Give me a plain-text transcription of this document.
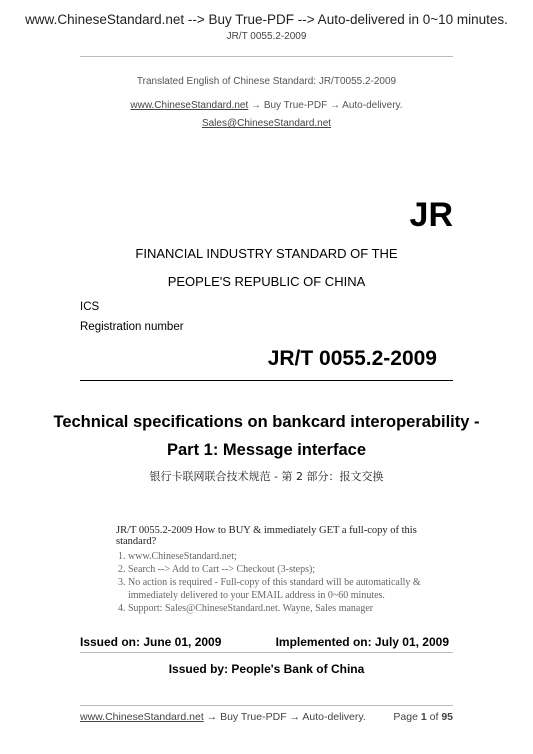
www.ChineseStandard.net --> Buy True-PDF --> Auto-delivered in 0~10 minutes.
JR/T 0055.2-2009
Translated English of Chinese Standard: JR/T0055.2-2009
www.ChineseStandard.net → Buy True-PDF → Auto-delivery.
Sales@ChineseStandard.net
JR
FINANCIAL INDUSTRY STANDARD OF THE
PEOPLE'S REPUBLIC OF CHINA
ICS
Registration number
JR/T 0055.2-2009
Technical specifications on bankcard interoperability -
Part 1: Message interface
银行卡联网联合技术规范 - 第 2 部分：报文交换
JR/T 0055.2-2009 How to BUY & immediately GET a full-copy of this standard?
1. www.ChineseStandard.net;
2. Search --> Add to Cart --> Checkout (3-steps);
3. No action is required - Full-copy of this standard will be automatically & immediately delivered to your EMAIL address in 0~60 minutes.
4. Support: Sales@ChineseStandard.net. Wayne, Sales manager
Issued on: June 01, 2009	Implemented on: July 01, 2009
Issued by: People's Bank of China
www.ChineseStandard.net → Buy True-PDF → Auto-delivery.	Page 1 of 95
